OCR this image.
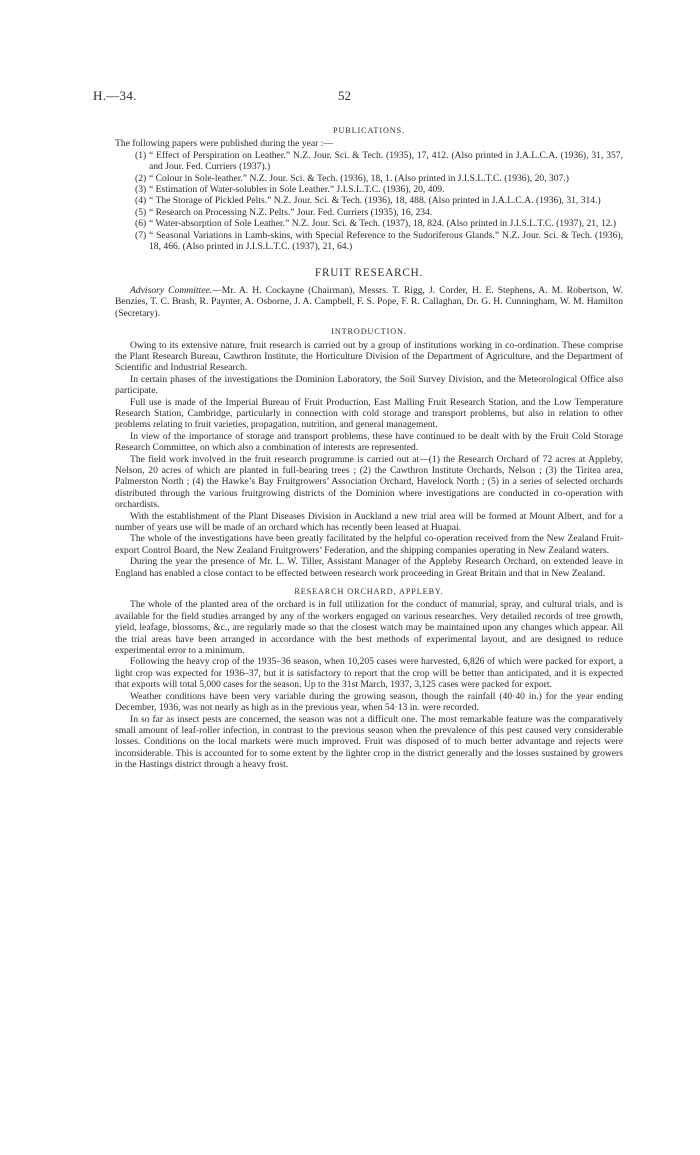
H.—34.	52
PUBLICATIONS.

The following papers were published during the year :—

(1) “ Effect of Perspiration on Leather.” N.Z. Jour. Sci. & Tech. (1935), 17, 412. (Also printed in J.A.L.C.A. (1936), 31, 357, and Jour. Fed. Curriers (1937).)
(2) “ Colour in Sole-leather.” N.Z. Jour. Sci. & Tech. (1936), 18, 1. (Also printed in J.I.S.L.T.C. (1936), 20, 307.)
(3) “ Estimation of Water-solubles in Sole Leather.” J.I.S.L.T.C. (1936), 20, 409.
(4) “ The Storage of Pickled Pelts.” N.Z. Jour. Sci. & Tech. (1936), 18, 488. (Also printed in J.A.L.C.A. (1936), 31, 314.)
(5) “ Research on Processing N.Z. Pelts.” Jour. Fed. Curriers (1935), 16, 234.
(6) “ Water-absorption of Sole Leather.” N.Z. Jour. Sci. & Tech. (1937), 18, 824. (Also printed in J.I.S.L.T.C. (1937), 21, 12.)
(7) “ Seasonal Variations in Lamb-skins, with Special Reference to the Sudoriferous Glands.” N.Z. Jour. Sci. & Tech. (1936), 18, 466. (Also printed in J.I.S.L.T.C. (1937), 21, 64.)
FRUIT RESEARCH.

Advisory Committee.—Mr. A. H. Cockayne (Chairman), Messrs. T. Rigg, J. Corder, H. E. Stephens, A. M. Robertson, W. Benzies, T. C. Brash, R. Paynter, A. Osborne, J. A. Campbell, F. S. Pope, F. R. Callaghan, Dr. G. H. Cunningham, W. M. Hamilton (Secretary).

INTRODUCTION.

Owing to its extensive nature, fruit research is carried out by a group of institutions working in co-ordination. These comprise the Plant Research Bureau, Cawthron Institute, the Horticulture Division of the Department of Agriculture, and the Department of Scientific and Industrial Research.

In certain phases of the investigations the Dominion Laboratory, the Soil Survey Division, and the Meteorological Office also participate.

Full use is made of the Imperial Bureau of Fruit Production, East Malling Fruit Research Station, and the Low Temperature Research Station, Cambridge, particularly in connection with cold storage and transport problems, but also in relation to other problems relating to fruit varieties, propagation, nutrition, and general management.

In view of the importance of storage and transport problems, these have continued to be dealt with by the Fruit Cold Storage Research Committee, on which also a combination of interests are represented.

The field work involved in the fruit research programme is carried out at—(1) the Research Orchard of 72 acres at Appleby, Nelson, 20 acres of which are planted in full-bearing trees ; (2) the Cawthron Institute Orchards, Nelson ; (3) the Tiritea area, Palmerston North ; (4) the Hawke’s Bay Fruitgrowers’ Association Orchard, Havelock North ; (5) in a series of selected orchards distributed through the various fruitgrowing districts of the Dominion where investigations are conducted in co-operation with orchardists.

With the establishment of the Plant Diseases Division in Auckland a new trial area will be formed at Mount Albert, and for a number of years use will be made of an orchard which has recently been leased at Huapai.

The whole of the investigations have been greatly facilitated by the helpful co-operation received from the New Zealand Fruit-export Control Board, the New Zealand Fruitgrowers’ Federation, and the shipping companies operating in New Zealand waters.

During the year the presence of Mr. L. W. Tiller, Assistant Manager of the Appleby Research Orchard, on extended leave in England has enabled a close contact to be effected between research work proceeding in Great Britain and that in New Zealand.

RESEARCH ORCHARD, APPLEBY.

The whole of the planted area of the orchard is in full utilization for the conduct of manurial, spray, and cultural trials, and is available for the field studies arranged by any of the workers engaged on various researches. Very detailed records of tree growth, yield, leafage, blossoms, &c., are regularly made so that the closest watch may be maintained upon any changes which appear. All the trial areas have been arranged in accordance with the best methods of experimental layout, and are designed to reduce experimental error to a minimum.

Following the heavy crop of the 1935–36 season, when 10,205 cases were harvested, 6,826 of which were packed for export, a light crop was expected for 1936–37, but it is satisfactory to report that the crop will be better than anticipated, and it is expected that exports will total 5,000 cases for the season. Up to the 31st March, 1937, 3,125 cases were packed for export.

Weather conditions have been very variable during the growing season, though the rainfall (40·40 in.) for the year ending December, 1936, was not nearly as high as in the previous year, when 54·13 in. were recorded.

In so far as insect pests are concerned, the season was not a difficult one. The most remarkable feature was the comparatively small amount of leaf-roller infection, in contrast to the previous season when the prevalence of this pest caused very considerable losses. Conditions on the local markets were much improved. Fruit was disposed of to much better advantage and rejects were inconsiderable. This is accounted for to some extent by the lighter crop in the district generally and the losses sustained by growers in the Hastings district through a heavy frost.
